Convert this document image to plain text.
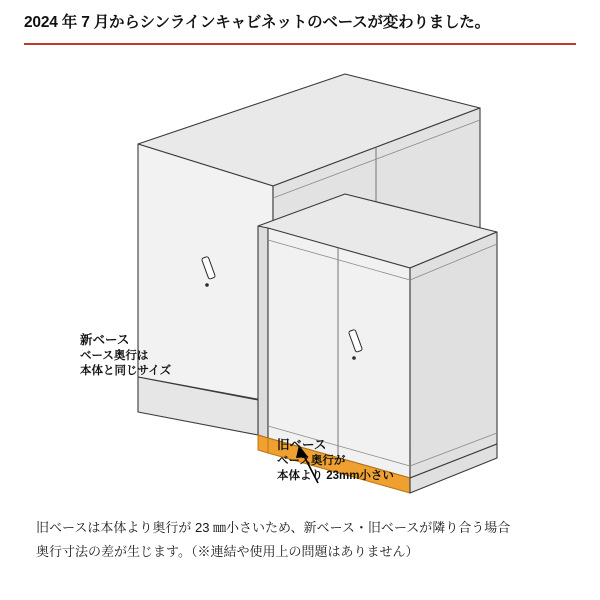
2024 年 7 月からシンラインキャビネットのベースが変わりました。
新ベース
ベース奥行は
本体と同じサイズ
旧ベース
ベース奥行が
本体より 23mm小さい
旧ベースは本体より奥行が 23 ㎜小さいため、新ベース・旧ベースが隣り合う場合
奥行寸法の差が生じます。（※連結や使用上の問題はありません）
